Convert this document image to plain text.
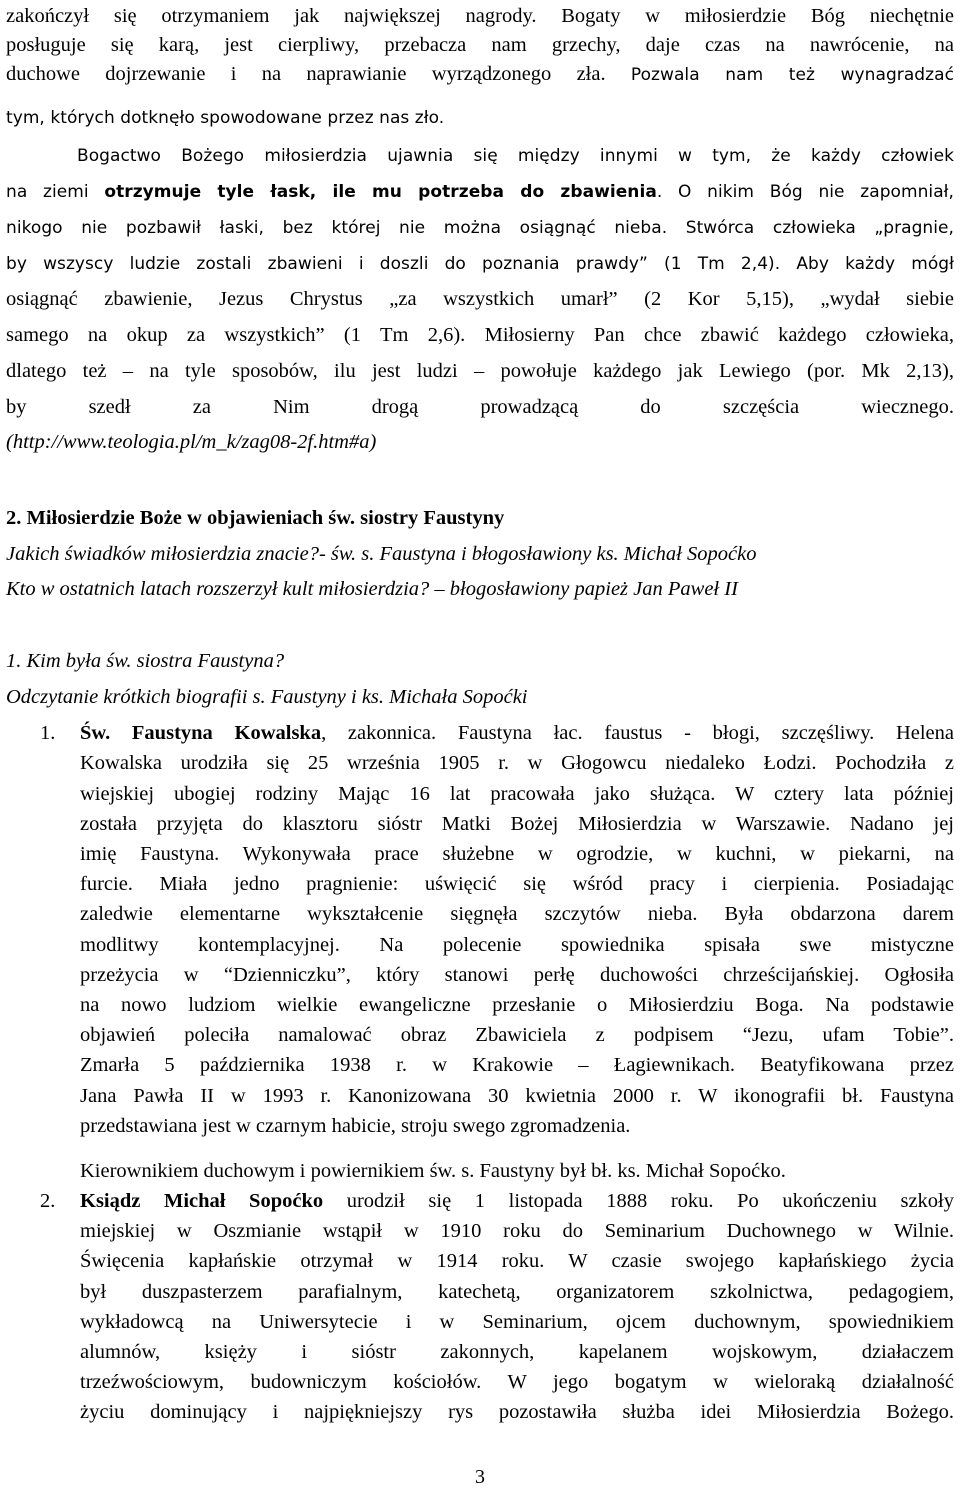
zakończył się otrzymaniem jak największej nagrody. Bogaty w miłosierdzie Bóg niechętnie
posługuje się karą, jest cierpliwy, przebacza nam grzechy, daje czas na nawrócenie, na
duchowe dojrzewanie i na naprawianie wyrządzonego zła. Pozwala nam też wynagradzać
tym, których dotknęło spowodowane przez nas zło.
Bogactwo Bożego miłosierdzia ujawnia się między innymi w tym, że każdy człowiek
na ziemi otrzymuje tyle łask, ile mu potrzeba do zbawienia. O nikim Bóg nie zapomniał,
nikogo nie pozbawił łaski, bez której nie można osiągnąć nieba. Stwórca człowieka „pragnie,
by wszyscy ludzie zostali zbawieni i doszli do poznania prawdy” (1 Tm 2,4). Aby każdy mógł
osiągnąć zbawienie, Jezus Chrystus „za wszystkich umarł” (2 Kor 5,15), „wydał siebie
samego na okup za wszystkich” (1 Tm 2,6). Miłosierny Pan chce zbawić każdego człowieka,
dlatego też – na tyle sposobów, ilu jest ludzi – powołuje każdego jak Lewiego (por. Mk 2,13),
by szedł za Nim drogą prowadzącą do szczęścia wiecznego.
(http://www.teologia.pl/m_k/zag08-2f.htm#a)
2. Miłosierdzie Boże w objawieniach św. siostry Faustyny
Jakich świadków miłosierdzia znacie?- św. s. Faustyna i błogosławiony ks. Michał Sopoćko
Kto w ostatnich latach rozszerzył kult miłosierdzia? – błogosławiony papież Jan Paweł II
1. Kim była św. siostra Faustyna?
Odczytanie krótkich biografii s. Faustyny i ks. Michała Sopoćki
1. Św. Faustyna Kowalska, zakonnica. Faustyna łac. faustus - błogi, szczęśliwy. Helena
Kowalska urodziła się 25 września 1905 r. w Głogowcu niedaleko Łodzi. Pochodziła z
wiejskiej ubogiej rodziny Mając 16 lat pracowała jako służąca. W cztery lata później
została przyjęta do klasztoru sióstr Matki Bożej Miłosierdzia w Warszawie. Nadano jej
imię Faustyna. Wykonywała prace służebne w ogrodzie, w kuchni, w piekarni, na
furcie. Miała jedno pragnienie: uświęcić się wśród pracy i cierpienia. Posiadając
zaledwie elementarne wykształcenie sięgnęła szczytów nieba. Była obdarzona darem
modlitwy kontemplacyjnej. Na polecenie spowiednika spisała swe mistyczne
przeżycia w “Dzienniczku”, który stanowi perłę duchowości chrześcijańskiej. Ogłosiła
na nowo ludziom wielkie ewangeliczne przesłanie o Miłosierdziu Boga. Na podstawie
objawień poleciła namalować obraz Zbawiciela z podpisem “Jezu, ufam Tobie”.
Zmarła 5 października 1938 r. w Krakowie – Łagiewnikach. Beatyfikowana przez
Jana Pawła II w 1993 r. Kanonizowana 30 kwietnia 2000 r. W ikonografii bł. Faustyna
przedstawiana jest w czarnym habicie, stroju swego zgromadzenia.
Kierownikiem duchowym i powiernikiem św. s. Faustyny był bł. ks. Michał Sopoćko.
2. Ksiądz Michał Sopoćko urodził się 1 listopada 1888 roku. Po ukończeniu szkoły
miejskiej w Oszmianie wstąpił w 1910 roku do Seminarium Duchownego w Wilnie.
Święcenia kapłańskie otrzymał w 1914 roku. W czasie swojego kapłańskiego życia
był duszpasterzem parafialnym, katechetą, organizatorem szkolnictwa, pedagogiem,
wykładowcą na Uniwersytecie i w Seminarium, ojcem duchownym, spowiednikiem
alumnów, księży i sióstr zakonnych, kapelanem wojskowym, działaczem
trzeźwościowym, budowniczym kościołów. W jego bogatym w wieloraką działalność
życiu dominujący i najpiękniejszy rys pozostawiła służba idei Miłosierdzia Bożego.
3
